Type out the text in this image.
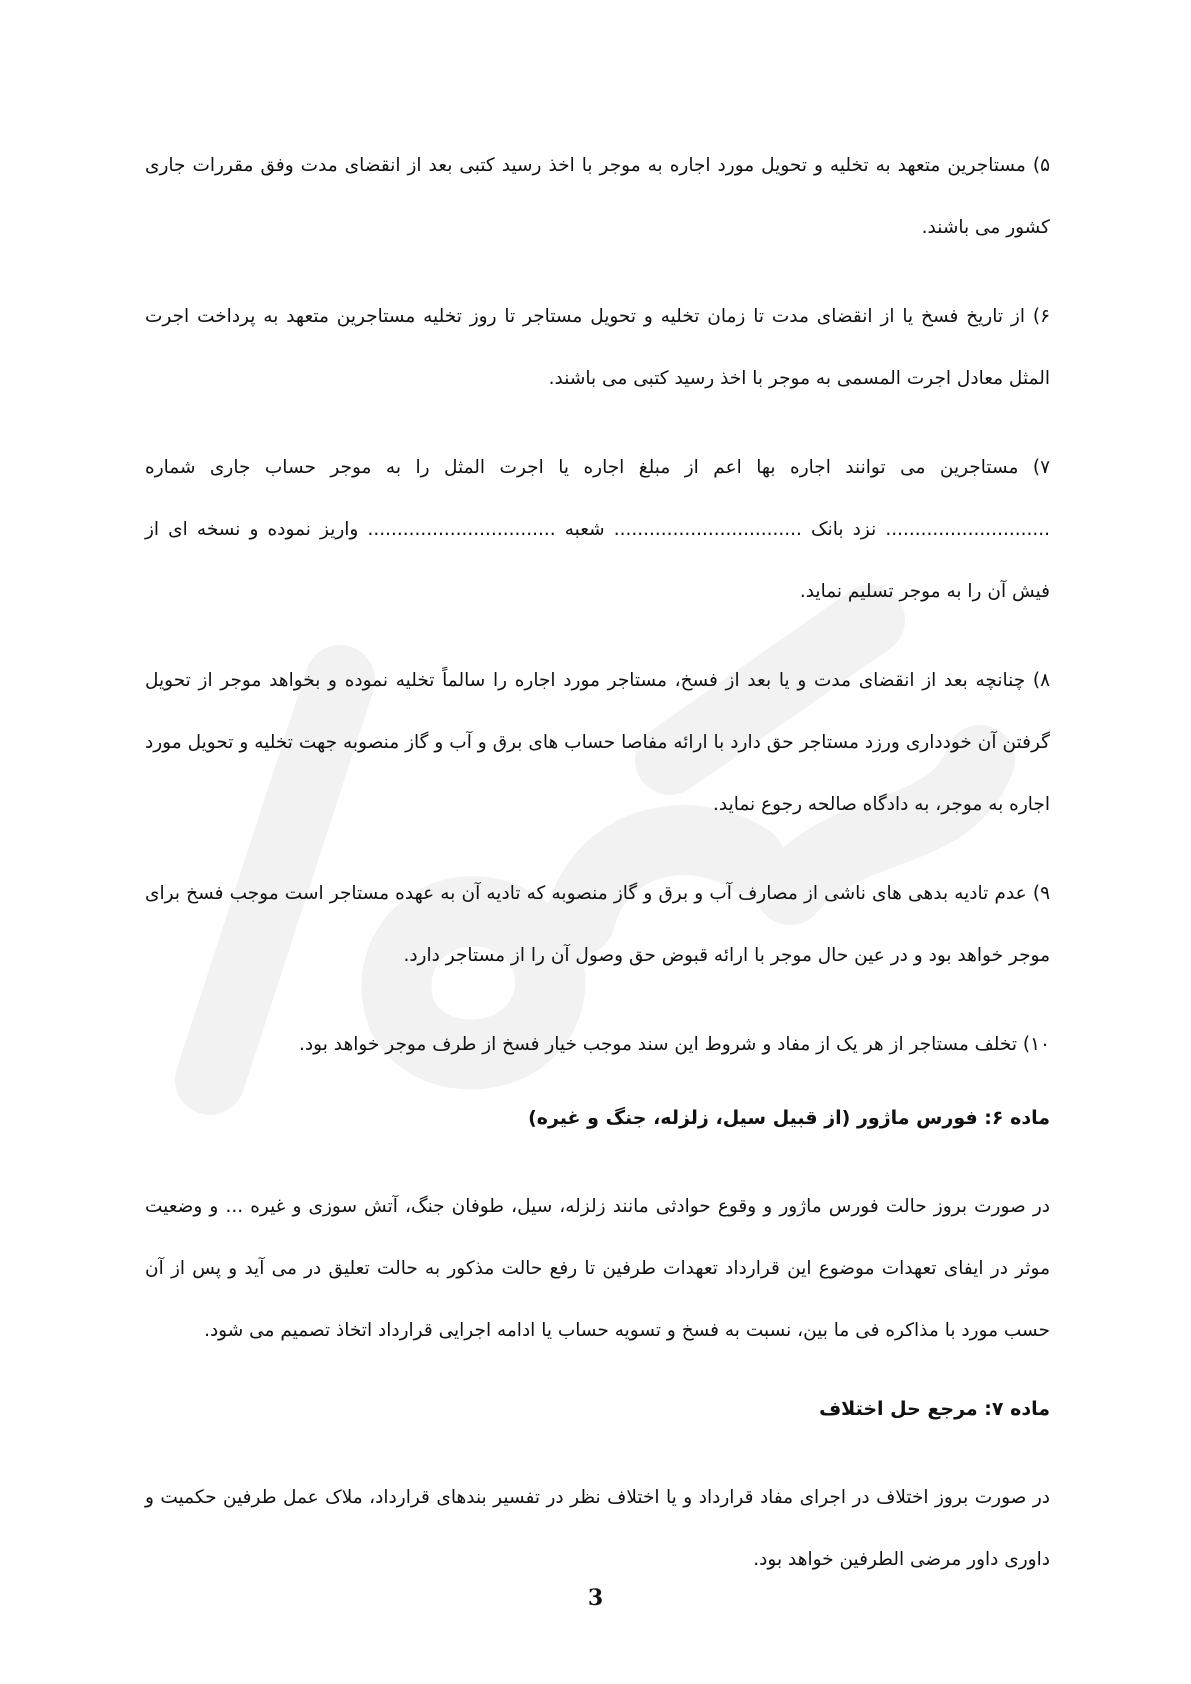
۵) مستاجرین متعهد به تخلیه و تحویل مورد اجاره به موجر با اخذ رسید کتبی بعد از انقضای مدت وفق مقررات جاری کشور می باشند.

۶) از تاریخ فسخ یا از انقضای مدت تا زمان تخلیه و تحویل مستاجر تا روز تخلیه مستاجرین متعهد به پرداخت اجرت المثل معادل اجرت المسمی به موجر با اخذ رسید کتبی می باشند.

۷) مستاجرین می توانند اجاره بها اعم از مبلغ اجاره یا اجرت المثل را به موجر حساب جاری شماره ............................ نزد بانک ................................ شعبه ................................ واریز نموده و نسخه ای از فیش آن را به موجر تسلیم نماید.

۸) چنانچه بعد از انقضای مدت و یا بعد از فسخ، مستاجر مورد اجاره را سالماً تخلیه نموده و بخواهد موجر از تحویل گرفتن آن خودداری ورزد مستاجر حق دارد با ارائه مفاصا حساب های برق و آب و گاز منصوبه جهت تخلیه و تحویل مورد اجاره به موجر، به دادگاه صالحه رجوع نماید.

۹) عدم تادیه بدهی های ناشی از مصارف آب و برق و گاز منصوبه که تادیه آن به عهده مستاجر است موجب فسخ برای موجر خواهد بود و در عین حال موجر با ارائه قبوض حق وصول آن را از مستاجر دارد.

۱۰) تخلف مستاجر از هر یک از مفاد و شروط این سند موجب خیار فسخ از طرف موجر خواهد بود.

ماده ۶: فورس ماژور (از قبیل سیل، زلزله، جنگ و غیره)

در صورت بروز حالت فورس ماژور و وقوع حوادثی مانند زلزله، سیل، طوفان جنگ، آتش سوزی و غیره ... و وضعیت موثر در ایفای تعهدات موضوع این قرارداد تعهدات طرفین تا رفع حالت مذکور به حالت تعلیق در می آید و پس از آن حسب مورد با مذاکره فی ما بین، نسبت به فسخ و تسویه حساب یا ادامه اجرایی قرارداد اتخاذ تصمیم می شود.

ماده ۷: مرجع حل اختلاف

در صورت بروز اختلاف در اجرای مفاد قرارداد و یا اختلاف نظر در تفسیر بندهای قرارداد، ملاک عمل طرفین حکمیت و داوری داور مرضی الطرفین خواهد بود.

3
